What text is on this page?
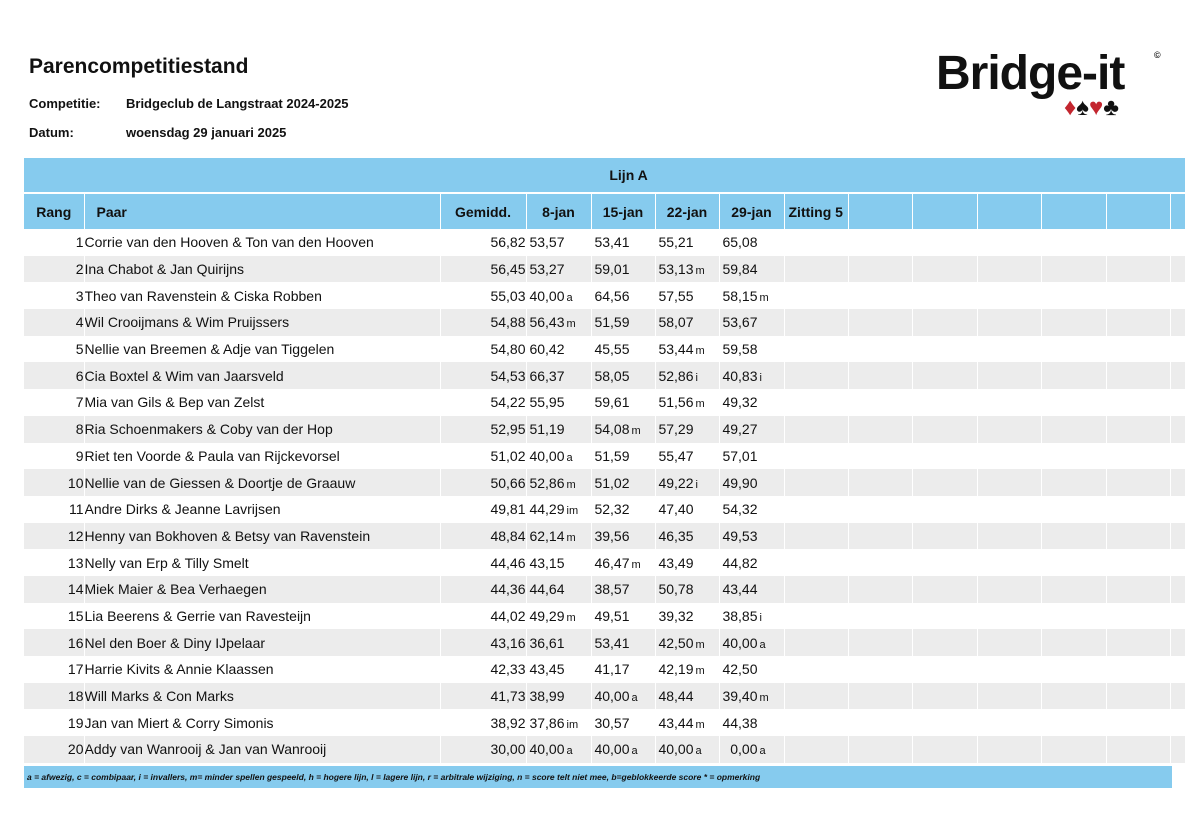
Parencompetitiestand
Competitie: Bridgeclub de Langstraat 2024-2025
Datum:	woensdag 29 januari 2025
Bridge-it	©
♦♠♥♣
Lijn A													
Rang	Paar	Gemidd.	8-jan	15-jan	22-jan	29-jan	Zitting 5						
1	Corrie van den Hooven & Ton van den Hooven	56,82	53,57	53,41	55,21	65,08							
2	Ina Chabot & Jan Quirijns	56,45	53,27	59,01	53,13 m	59,84							
3	Theo van Ravenstein & Ciska Robben	55,03	40,00 a	64,56	57,55	58,15 m							
4	Wil Crooijmans & Wim Pruijssers	54,88	56,43 m	51,59	58,07	53,67							
5	Nellie van Breemen & Adje van Tiggelen	54,80	60,42	45,55	53,44 m	59,58							
6	Cia Boxtel & Wim van Jaarsveld	54,53	66,37	58,05	52,86 i	40,83 i							
7	Mia van Gils & Bep van Zelst	54,22	55,95	59,61	51,56 m	49,32							
8	Ria Schoenmakers & Coby van der Hop	52,95	51,19	54,08 m	57,29	49,27							
9	Riet ten Voorde & Paula van Rijckevorsel	51,02	40,00 a	51,59	55,47	57,01							
10	Nellie van de Giessen & Doortje de Graauw	50,66	52,86 m	51,02	49,22 i	49,90							
11	Andre Dirks & Jeanne Lavrijsen	49,81	44,29 im	52,32	47,40	54,32							
12	Henny van Bokhoven & Betsy van Ravenstein	48,84	62,14 m	39,56	46,35	49,53							
13	Nelly van Erp & Tilly Smelt	44,46	43,15	46,47 m	43,49	44,82							
14	Miek Maier & Bea Verhaegen	44,36	44,64	38,57	50,78	43,44							
15	Lia Beerens & Gerrie van Ravesteijn	44,02	49,29 m	49,51	39,32	38,85 i							
16	Nel den Boer & Diny IJpelaar	43,16	36,61	53,41	42,50 m	40,00 a							
17	Harrie Kivits & Annie Klaassen	42,33	43,45	41,17	42,19 m	42,50							
18	Will Marks & Con Marks	41,73	38,99	40,00 a	48,44	39,40 m							
19	Jan van Miert & Corry Simonis	38,92	37,86 im	30,57	43,44 m	44,38							
20	Addy van Wanrooij & Jan van Wanrooij	30,00	40,00 a	40,00 a	40,00 a	0,00 a							
a = afwezig, c = combipaar, i = invallers, m= minder spellen gespeeld, h = hogere lijn, l = lagere lijn, r = arbitrale wijziging, n = score telt niet mee, b=geblokkeerde score * = opmerking
